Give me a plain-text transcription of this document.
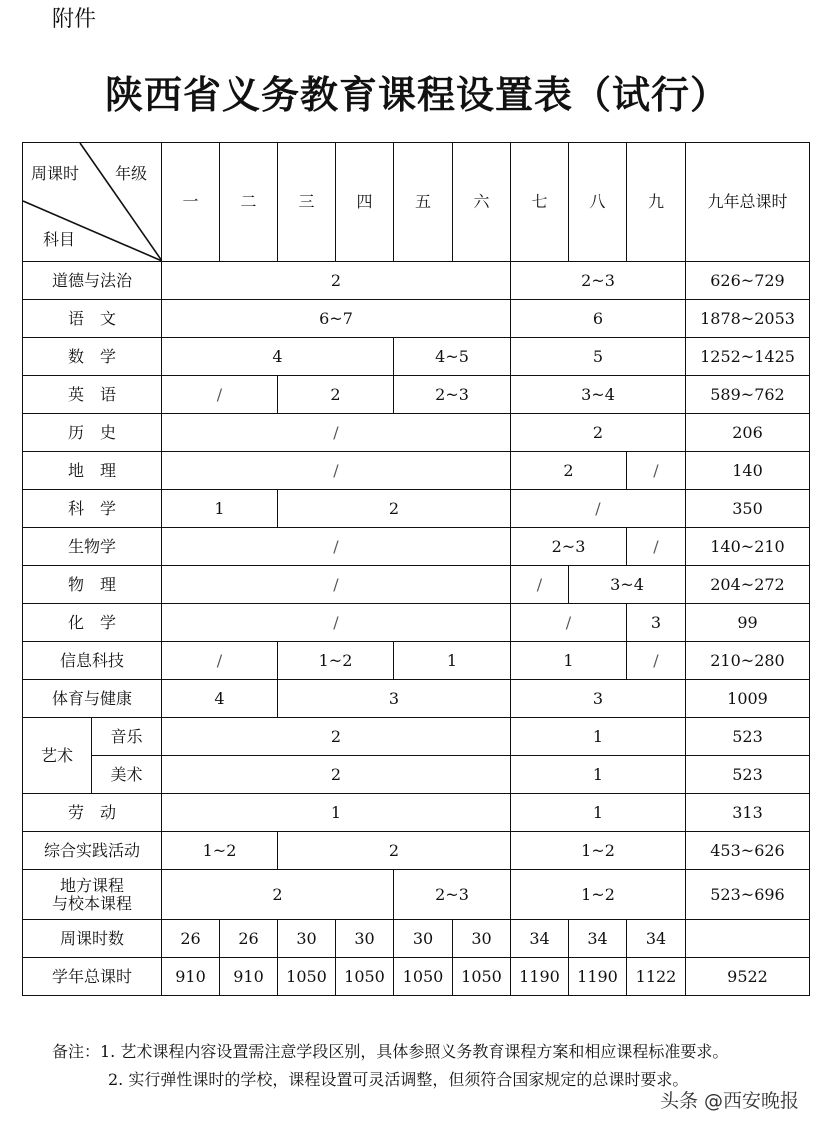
附件
陕西省义务教育课程设置表（试行）
周课时 年级
科目		一	二	三	四	五	六	七	八	九	九年总课时
道德与法治		2						2~3			626~729
语　文		6~7						6			1878~2053
数　学		4				4~5		5			1252~1425
英　语		/		2		2~3		3~4			589~762
历　史		/						2			206
地　理		/						2		/	140
科　学		1		2				/			350
生物学		/						2~3		/	140~210
物　理		/						/	3~4		204~272
化　学		/						/		3	99
信息科技		/		1~2		1		1		/	210~280
体育与健康		4		3				3			1009
艺术	音乐	2						1			523
	美术	2						1			523
劳　动		1						1			313
综合实践活动		1~2		2				1~2			453~626

地方课程
与校本课程		2				2~3		1~2			523~696
周课时数		26	26	30	30	30	30	34	34	34	
学年总课时		910	910	1050	1050	1050	1050	1190	1190	1122	9522
备注：1. 艺术课程内容设置需注意学段区别，具体参照义务教育课程方案和相应课程标准要求。
2. 实行弹性课时的学校，课程设置可灵活调整，但须符合国家规定的总课时要求。
头条 @西安晚报
